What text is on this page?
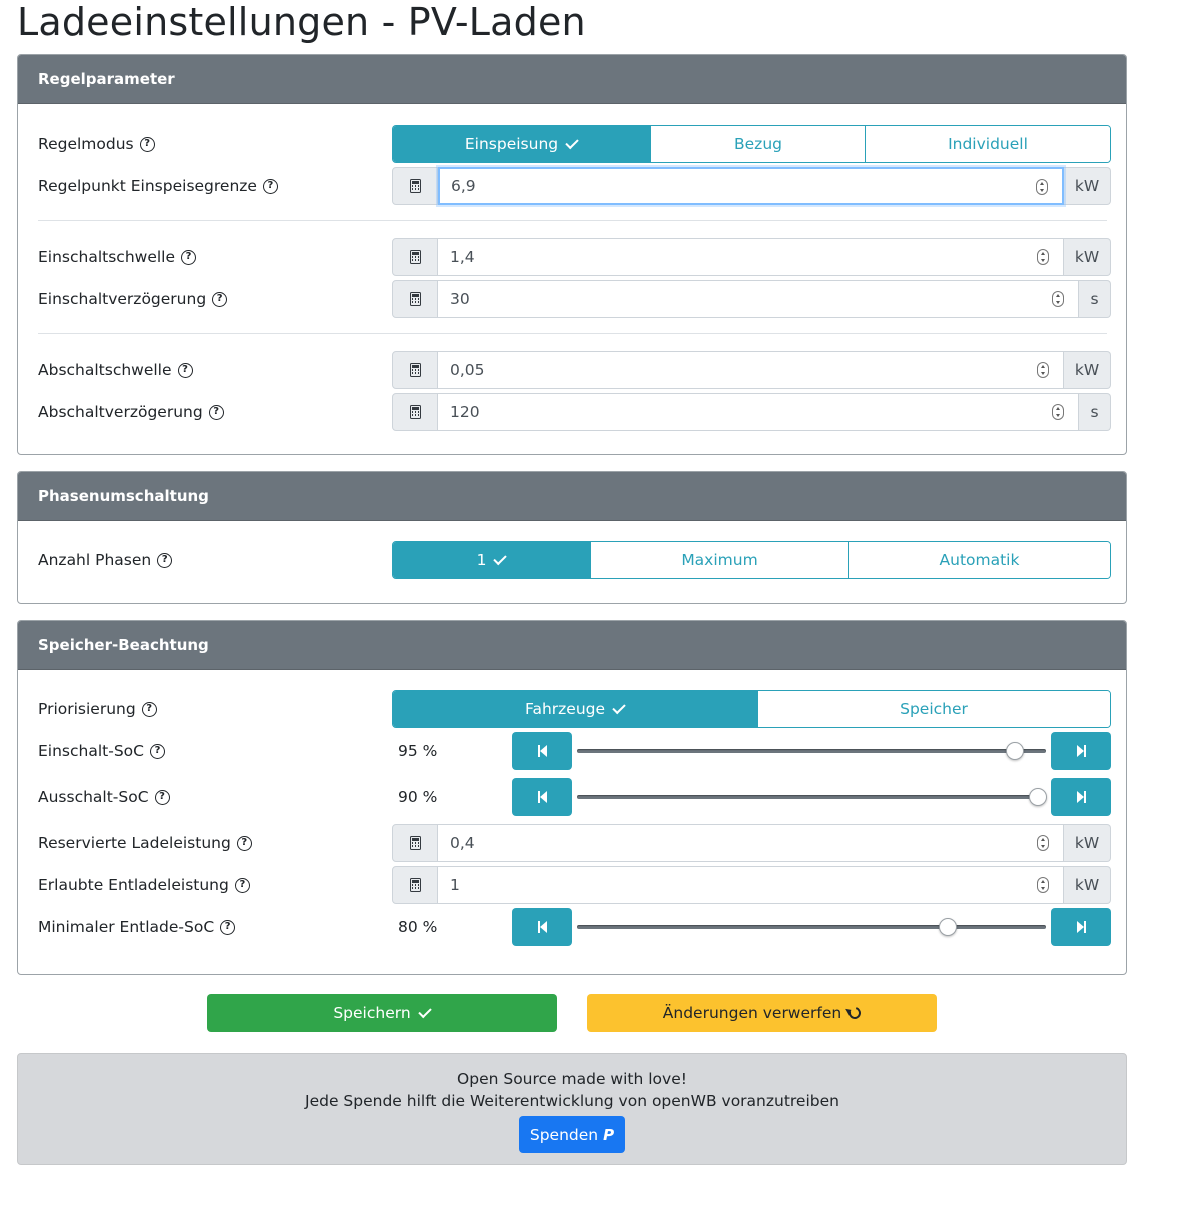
Ladeeinstellungen - PV-Laden
Regelparameter
Regelmodus	?	Einspeisung	Bezug	Individuell
Regelpunkt Einspeisegrenze	?	6,9	kW
Einschaltschwelle	?	1,4	kW
Einschaltverzögerung	?	30	s
Abschaltschwelle	?	0,05	kW
Abschaltverzögerung	?	120	s
Phasenumschaltung
Anzahl Phasen	?	1	Maximum	Automatik
Speicher-Beachtung
Priorisierung	?	Fahrzeuge	Speicher
Einschalt-SoC	?	95 %
Ausschalt-SoC	?	90 %
Reservierte Ladeleistung	?	0,4	kW
Erlaubte Entladeleistung	?	1	kW
Minimaler Entlade-SoC	?	80 %
Speichern	Änderungen verwerfen
Open Source made with love!
Jede Spende hilft die Weiterentwicklung von openWB voranzutreiben
Spenden P
